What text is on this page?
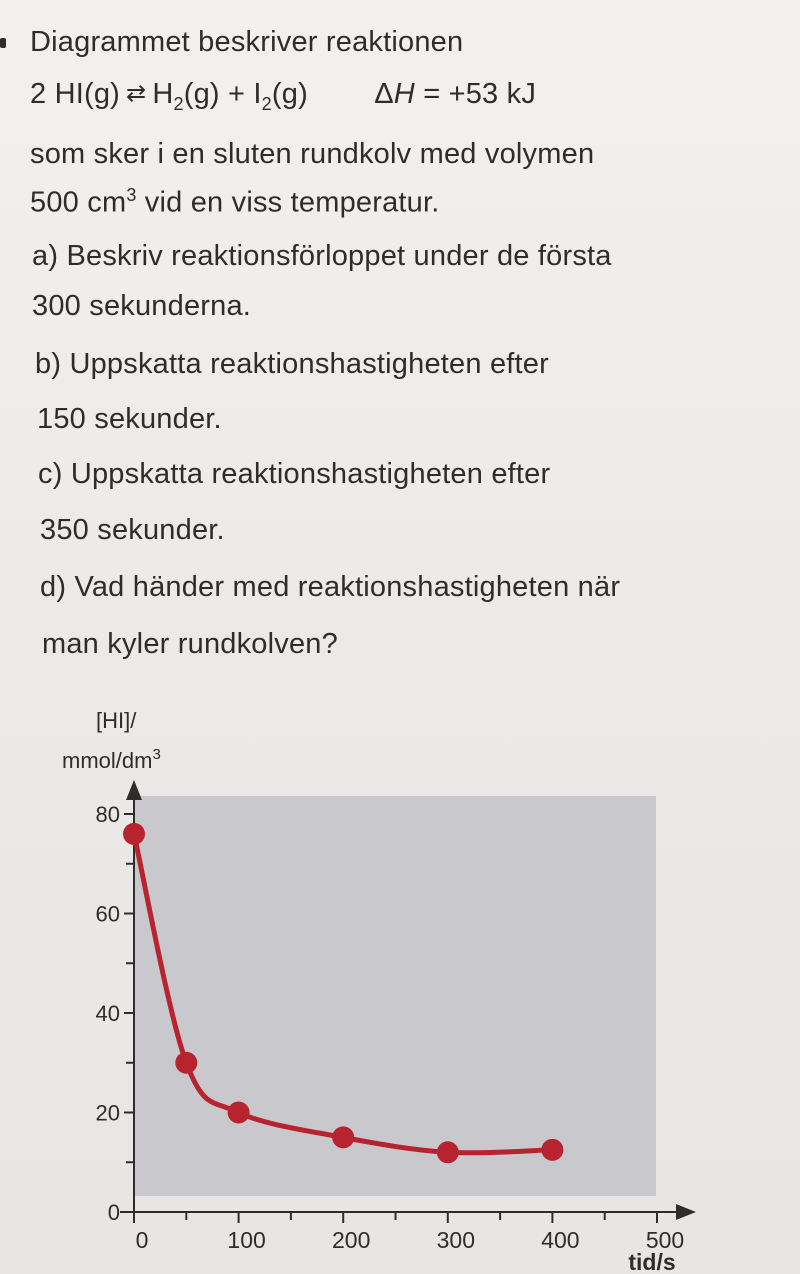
Diagrammet beskriver reaktionen
2 HI(g) ⇄ $H_2(g) + I_2(g) \Delta H = +53$ kJ
som sker i en sluten rundkolv med volymen
500 $cm^3$ vid en viss temperatur.
a) Beskriv reaktionsförloppet under de första
300 sekunderna.
b) Uppskatta reaktionshastigheten efter
150 sekunder.
c) Uppskatta reaktionshastigheten efter
350 sekunder.
d) Vad händer med reaktionshastigheten när
man kyler rundkolven?
0
20
40
60
80
0	100	200	300	400	500
[HI]/
mmol/$dm^3$
tid/s
